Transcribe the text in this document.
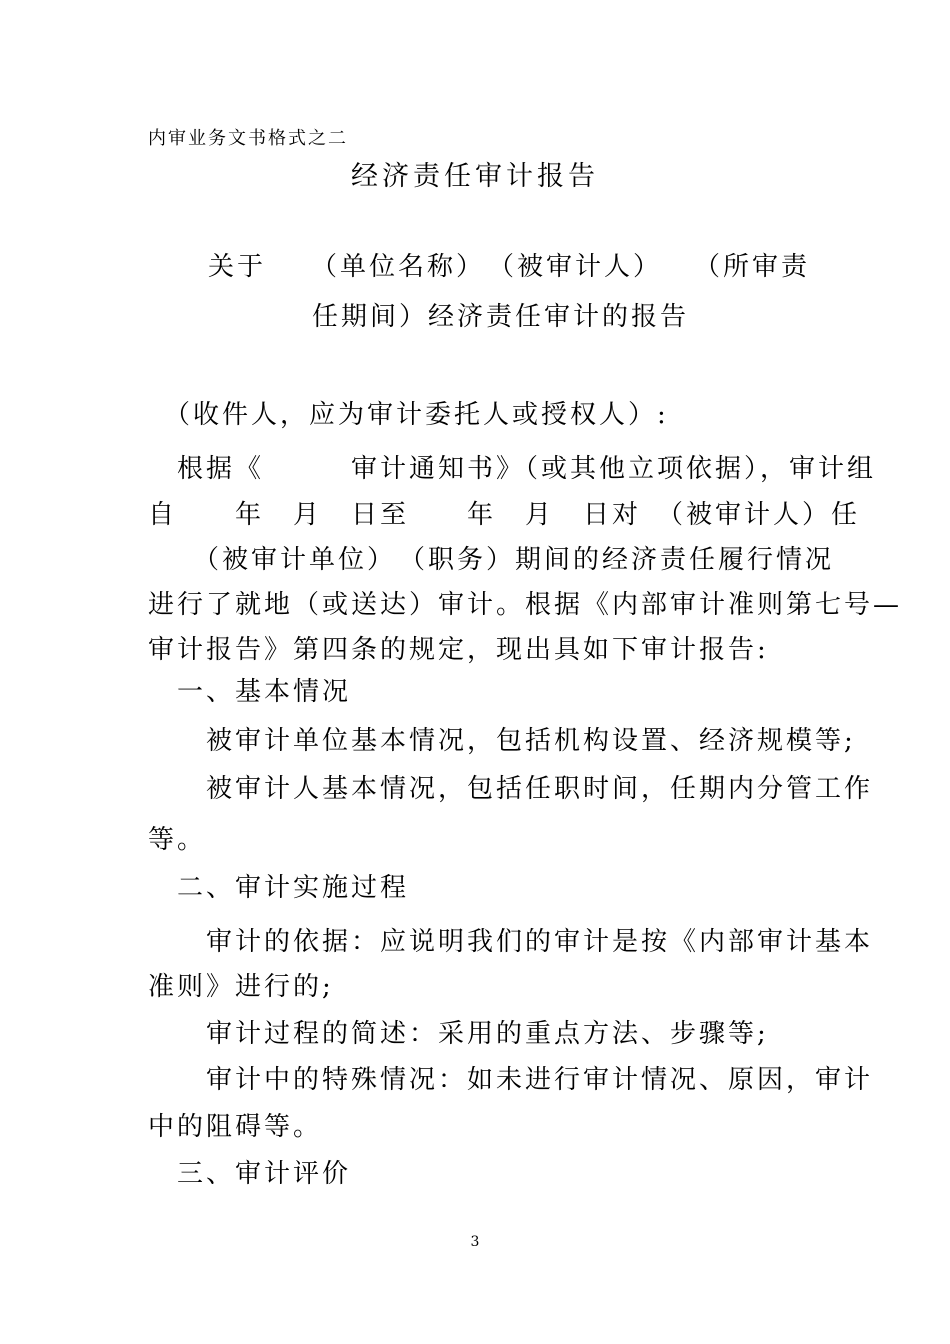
内审业务文书格式之二
经济责任审计报告
关于　　（单位名称）　（被审计人）　　（所审责
任期间）经济责任审计的报告
　（收件人，应为审计委托人或授权人）:
　根据《　　　审计通知书》（或其他立项依据），审计组
自　　年　月　日至　　年　月　日对　（被审计人）任
　　（被审计单位）　（职务）期间的经济责任履行情况
进行了就地（或送达）审计。根据《内部审计准则第七号—
审计报告》第四条的规定，现出具如下审计报告:
　一、基本情况
　　被审计单位基本情况，包括机构设置、经济规模等;
　　被审计人基本情况，包括任职时间，任期内分管工作
等。
　二、审计实施过程
　　审计的依据：应说明我们的审计是按《内部审计基本
准则》进行的;
　　审计过程的简述：采用的重点方法、步骤等;
　　审计中的特殊情况：如未进行审计情况、原因，审计
中的阻碍等。
　三、审计评价
3
